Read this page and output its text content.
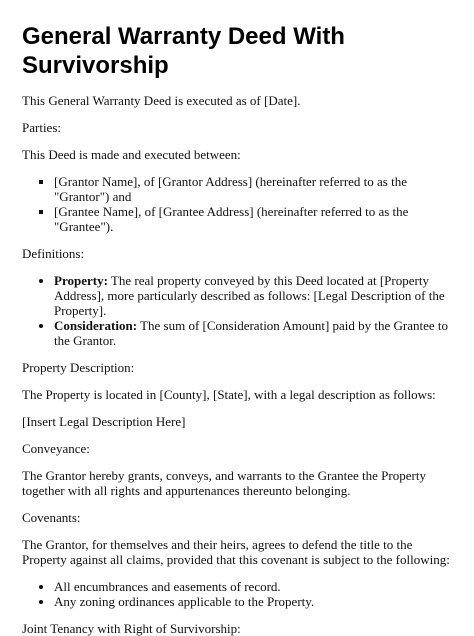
General Warranty Deed With Survivorship

This General Warranty Deed is executed as of [Date].

Parties:

This Deed is made and executed between:

▪ [Grantor Name], of [Grantor Address] (hereinafter referred to as the "Grantor") and
▪ [Grantee Name], of [Grantee Address] (hereinafter referred to as the "Grantee").

Definitions:

• Property: The real property conveyed by this Deed located at [Property Address], more particularly described as follows: [Legal Description of the Property].
• Consideration: The sum of [Consideration Amount] paid by the Grantee to the Grantor.

Property Description:

The Property is located in [County], [State], with a legal description as follows:

[Insert Legal Description Here]

Conveyance:

The Grantor hereby grants, conveys, and warrants to the Grantee the Property together with all rights and appurtenances thereunto belonging.

Covenants:

The Grantor, for themselves and their heirs, agrees to defend the title to the Property against all claims, provided that this covenant is subject to the following:

• All encumbrances and easements of record.
• Any zoning ordinances applicable to the Property.

Joint Tenancy with Right of Survivorship:
